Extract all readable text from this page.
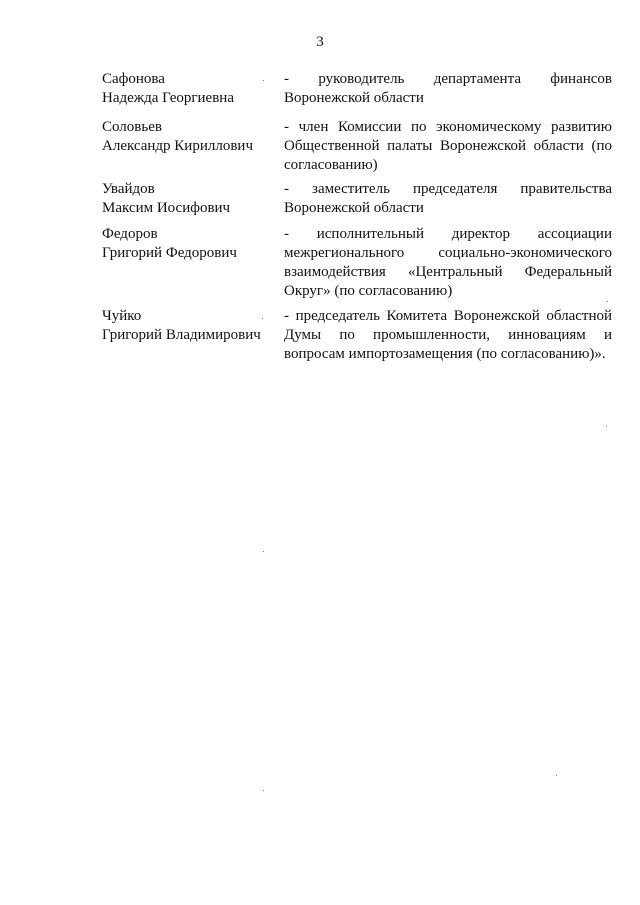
3
Сафонова
Надежда Георгиевна
- руководитель департамента финансов
Воронежской области
Соловьев
Александр Кириллович
- член Комиссии по экономическому развитию
Общественной палаты Воронежской области (по
согласованию)
Увайдов
Максим Иосифович
- заместитель председателя правительства
Воронежской области
Федоров
Григорий Федорович
- исполнительный директор ассоциации
межрегионального социально-экономического
взаимодействия «Центральный Федеральный
Округ» (по согласованию)
Чуйко
Григорий Владимирович
- председатель Комитета Воронежской областной
Думы по промышленности, инновациям и
вопросам импортозамещения (по согласованию)».
